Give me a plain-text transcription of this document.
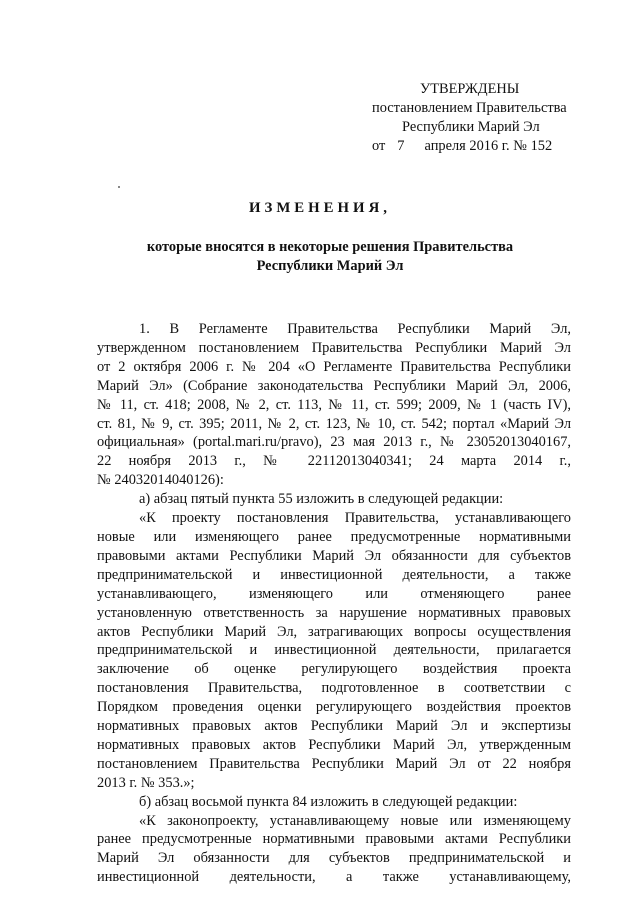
УТВЕРЖДЕНЫ
постановлением Правительства
Республики Марий Эл
от 7 апреля 2016 г. № 152
ИЗМЕНЕНИЯ,
которые вносятся в некоторые решения Правительства
Республики Марий Эл

1. В Регламенте Правительства Республики Марий Эл,
утвержденном постановлением Правительства Республики Марий Эл
от 2 октября 2006 г. № 204 «О Регламенте Правительства Республики
Марий Эл» (Собрание законодательства Республики Марий Эл, 2006,
№ 11, ст. 418; 2008, № 2, ст. 113, № 11, ст. 599; 2009, № 1 (часть IV),
ст. 81, № 9, ст. 395; 2011, № 2, ст. 123, № 10, ст. 542; портал «Марий Эл
официальная» (portal.mari.ru/pravo), 23 мая 2013 г., № 23052013040167,
22 ноября 2013 г., № 22112013040341; 24 марта 2014 г.,
№ 24032014040126):

а) абзац пятый пункта 55 изложить в следующей редакции:

«К проекту постановления Правительства, устанавливающего
новые или изменяющего ранее предусмотренные нормативными
правовыми актами Республики Марий Эл обязанности для субъектов
предпринимательской и инвестиционной деятельности, а также
устанавливающего, изменяющего или отменяющего ранее
установленную ответственность за нарушение нормативных правовых
актов Республики Марий Эл, затрагивающих вопросы осуществления
предпринимательской и инвестиционной деятельности, прилагается
заключение об оценке регулирующего воздействия проекта
постановления Правительства, подготовленное в соответствии с
Порядком проведения оценки регулирующего воздействия проектов
нормативных правовых актов Республики Марий Эл и экспертизы
нормативных правовых актов Республики Марий Эл, утвержденным
постановлением Правительства Республики Марий Эл от 22 ноября
2013 г. № 353.»;

б) абзац восьмой пункта 84 изложить в следующей редакции:

«К законопроекту, устанавливающему новые или изменяющему
ранее предусмотренные нормативными правовыми актами Республики
Марий Эл обязанности для субъектов предпринимательской и
инвестиционной деятельности, а также устанавливающему,
